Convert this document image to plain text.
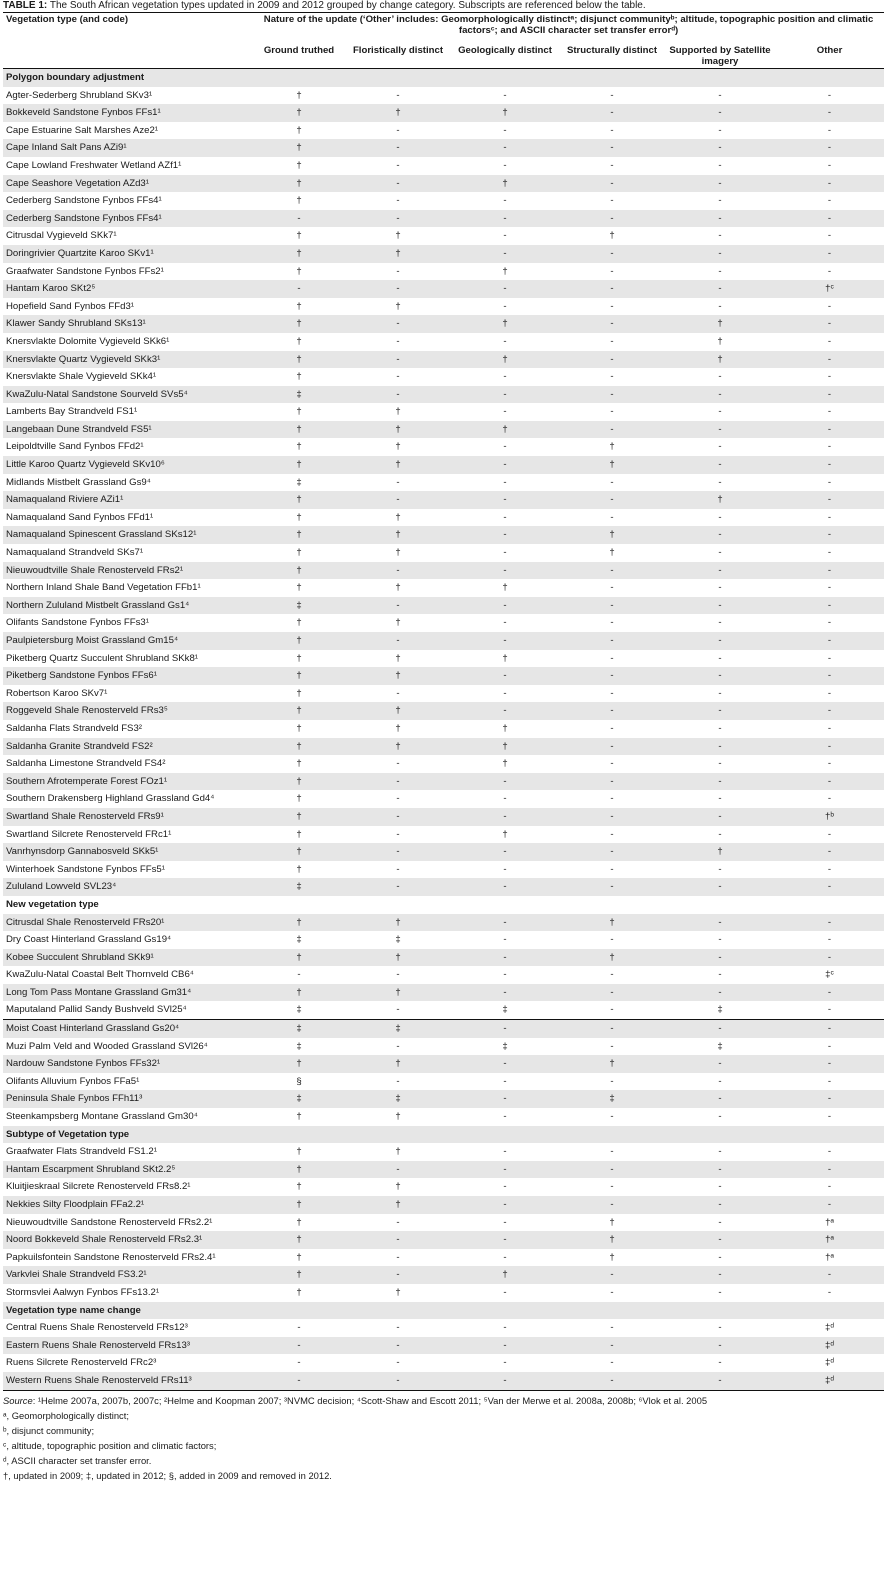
TABLE 1: The South African vegetation types updated in 2009 and 2012 grouped by change category. Subscripts are referenced below the table.
Vegetation type (and code)	Nature of the update (‘Other’ includes: Geomorphologically distinctᵃ; disjunct communityᵇ; altitude, topographic position and climatic factorsᶜ; and ASCII character set transfer errorᵈ)					
	Ground truthed	Floristically distinct	Geologically distinct	Structurally distinct	Supported by Satellite imagery	Other
Polygon boundary adjustment						
Agter-Sederberg Shrubland SKv3¹	†	-	-	-	-	-
Bokkeveld Sandstone Fynbos FFs1¹	†	†	†	-	-	-
Cape Estuarine Salt Marshes Aze2¹	†	-	-	-	-	-
Cape Inland Salt Pans AZi9¹	†	-	-	-	-	-
Cape Lowland Freshwater Wetland AZf1¹	†	-	-	-	-	-
Cape Seashore Vegetation AZd3¹	†	-	†	-	-	-
Cederberg Sandstone Fynbos FFs4¹	†	-	-	-	-	-
Cederberg Sandstone Fynbos FFs4¹	-	-	-	-	-	-
Citrusdal Vygieveld SKk7¹	†	†	-	†	-	-
Doringrivier Quartzite Karoo SKv1¹	†	†	-	-	-	-
Graafwater Sandstone Fynbos FFs2¹	†	-	†	-	-	-
Hantam Karoo SKt2⁵	-	-	-	-	-	†ᶜ
Hopefield Sand Fynbos FFd3¹	†	†	-	-	-	-
Klawer Sandy Shrubland SKs13¹	†	-	†	-	†	-
Knersvlakte Dolomite Vygieveld SKk6¹	†	-	-	-	†	-
Knersvlakte Quartz Vygieveld SKk3¹	†	-	†	-	†	-
Knersvlakte Shale Vygieveld SKk4¹	†	-	-	-	-	-
KwaZulu-Natal Sandstone Sourveld SVs5⁴	‡	-	-	-	-	-
Lamberts Bay Strandveld FS1¹	†	†	-	-	-	-
Langebaan Dune Strandveld FS5¹	†	†	†	-	-	-
Leipoldtville Sand Fynbos FFd2¹	†	†	-	†	-	-
Little Karoo Quartz Vygieveld SKv10⁶	†	†	-	†	-	-
Midlands Mistbelt Grassland Gs9⁴	‡	-	-	-	-	-
Namaqualand Riviere AZi1¹	†	-	-	-	†	-
Namaqualand Sand Fynbos FFd1¹	†	†	-	-	-	-
Namaqualand Spinescent Grassland SKs12¹	†	†	-	†	-	-
Namaqualand Strandveld SKs7¹	†	†	-	†	-	-
Nieuwoudtville Shale Renosterveld FRs2¹	†	-	-	-	-	-
Northern Inland Shale Band Vegetation FFb1¹	†	†	†	-	-	-
Northern Zululand Mistbelt Grassland Gs1⁴	‡	-	-	-	-	-
Olifants Sandstone Fynbos FFs3¹	†	†	-	-	-	-
Paulpietersburg Moist Grassland Gm15⁴	†	-	-	-	-	-
Piketberg Quartz Succulent Shrubland SKk8¹	†	†	†	-	-	-
Piketberg Sandstone Fynbos FFs6¹	†	†	-	-	-	-
Robertson Karoo SKv7¹	†	-	-	-	-	-
Roggeveld Shale Renosterveld FRs3⁵	†	†	-	-	-	-
Saldanha Flats Strandveld FS3²	†	†	†	-	-	-
Saldanha Granite Strandveld FS2²	†	†	†	-	-	-
Saldanha Limestone Strandveld FS4²	†	-	†	-	-	-
Southern Afrotemperate Forest FOz1¹	†	-	-	-	-	-
Southern Drakensberg Highland Grassland Gd4⁴	†	-	-	-	-	-
Swartland Shale Renosterveld FRs9¹	†	-	-	-	-	†ᵇ
Swartland Silcrete Renosterveld FRc1¹	†	-	†	-	-	-
Vanrhynsdorp Gannabosveld SKk5¹	†	-	-	-	†	-
Winterhoek Sandstone Fynbos FFs5¹	†	-	-	-	-	-
Zululand Lowveld SVL23⁴	‡	-	-	-	-	-
New vegetation type						
Citrusdal Shale Renosterveld FRs20¹	†	†	-	†	-	-
Dry Coast Hinterland Grassland Gs19⁴	‡	‡	-	-	-	-
Kobee Succulent Shrubland SKk9¹	†	†	-	†	-	-
KwaZulu-Natal Coastal Belt Thornveld CB6⁴	-	-	-	-	-	‡ᶜ
Long Tom Pass Montane Grassland Gm31⁴	†	†	-	-	-	-
Maputaland Pallid Sandy Bushveld SVl25⁴	‡	-	‡	-	‡	-
Moist Coast Hinterland Grassland Gs20⁴	‡	‡	-	-	-	-
Muzi Palm Veld and Wooded Grassland SVl26⁴	‡	-	‡	-	‡	-
Nardouw Sandstone Fynbos FFs32¹	†	†	-	†	-	-
Olifants Alluvium Fynbos FFa5¹	§	-	-	-	-	-
Peninsula Shale Fynbos FFh11³	‡	‡	-	‡	-	-
Steenkampsberg Montane Grassland Gm30⁴	†	†	-	-	-	-
Subtype of Vegetation type						
Graafwater Flats Strandveld FS1.2¹	†	†	-	-	-	-
Hantam Escarpment Shrubland SKt2.2⁵	†	-	-	-	-	-
Kluitjieskraal Silcrete Renosterveld FRs8.2¹	†	†	-	-	-	-
Nekkies Silty Floodplain FFa2.2¹	†	†	-	-	-	-
Nieuwoudtville Sandstone Renosterveld FRs2.2¹	†	-	-	†	-	†ᵃ
Noord Bokkeveld Shale Renosterveld FRs2.3¹	†	-	-	†	-	†ᵃ
Papkuilsfontein Sandstone Renosterveld FRs2.4¹	†	-	-	†	-	†ᵃ
Varkvlei Shale Strandveld FS3.2¹	†	-	†	-	-	-
Stormsvlei Aalwyn Fynbos FFs13.2¹	†	†	-	-	-	-
Vegetation type name change						
Central Ruens Shale Renosterveld FRs12³	-	-	-	-	-	‡ᵈ
Eastern Ruens Shale Renosterveld FRs13³	-	-	-	-	-	‡ᵈ
Ruens Silcrete Renosterveld FRc2³	-	-	-	-	-	‡ᵈ
Western Ruens Shale Renosterveld FRs11³	-	-	-	-	-	‡ᵈ
Source: ¹Helme 2007a, 2007b, 2007c; ²Helme and Koopman 2007; ³NVMC decision; ⁴Scott-Shaw and Escott 2011; ⁵Van der Merwe et al. 2008a, 2008b; ⁶Vlok et al. 2005
ᵃ, Geomorphologically distinct;
ᵇ, disjunct community;
ᶜ, altitude, topographic position and climatic factors;
ᵈ, ASCII character set transfer error.
†, updated in 2009; ‡, updated in 2012; §, added in 2009 and removed in 2012.
